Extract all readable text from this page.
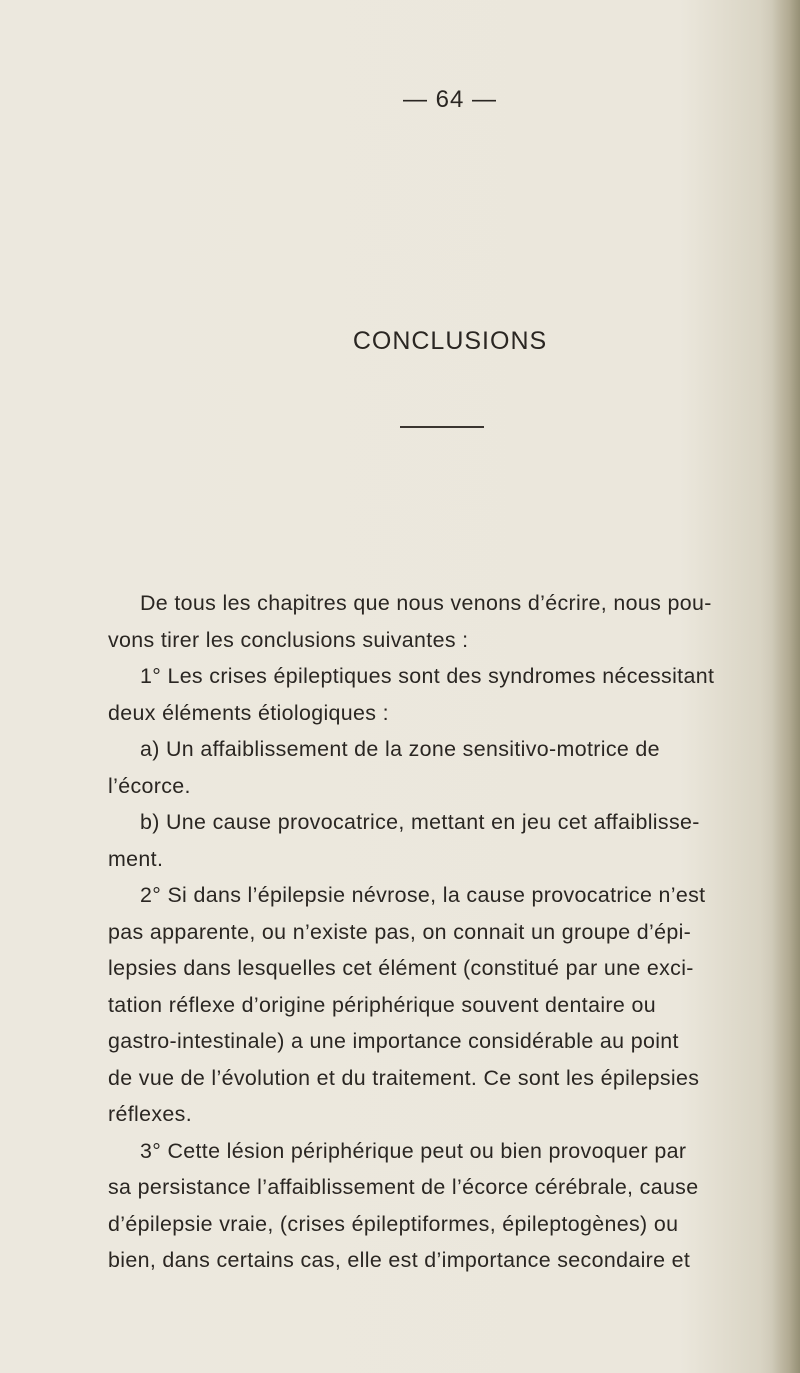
— 64 —
CONCLUSIONS
De tous les chapitres que nous venons d’écrire, nous pou-
vons tirer les conclusions suivantes :
1° Les crises épileptiques sont des syndromes nécessitant
deux éléments étiologiques :
a) Un affaiblissement de la zone sensitivo-motrice de
l’écorce.
b) Une cause provocatrice, mettant en jeu cet affaiblisse-
ment.
2° Si dans l’épilepsie névrose, la cause provocatrice n’est
pas apparente, ou n’existe pas, on connait un groupe d’épi-
lepsies dans lesquelles cet élément (constitué par une exci-
tation réflexe d’origine périphérique souvent dentaire ou
gastro-intestinale) a une importance considérable au point
de vue de l’évolution et du traitement. Ce sont les épilepsies
réflexes.
3° Cette lésion périphérique peut ou bien provoquer par
sa persistance l’affaiblissement de l’écorce cérébrale, cause
d’épilepsie vraie, (crises épileptiformes, épileptogènes) ou
bien, dans certains cas, elle est d’importance secondaire et
